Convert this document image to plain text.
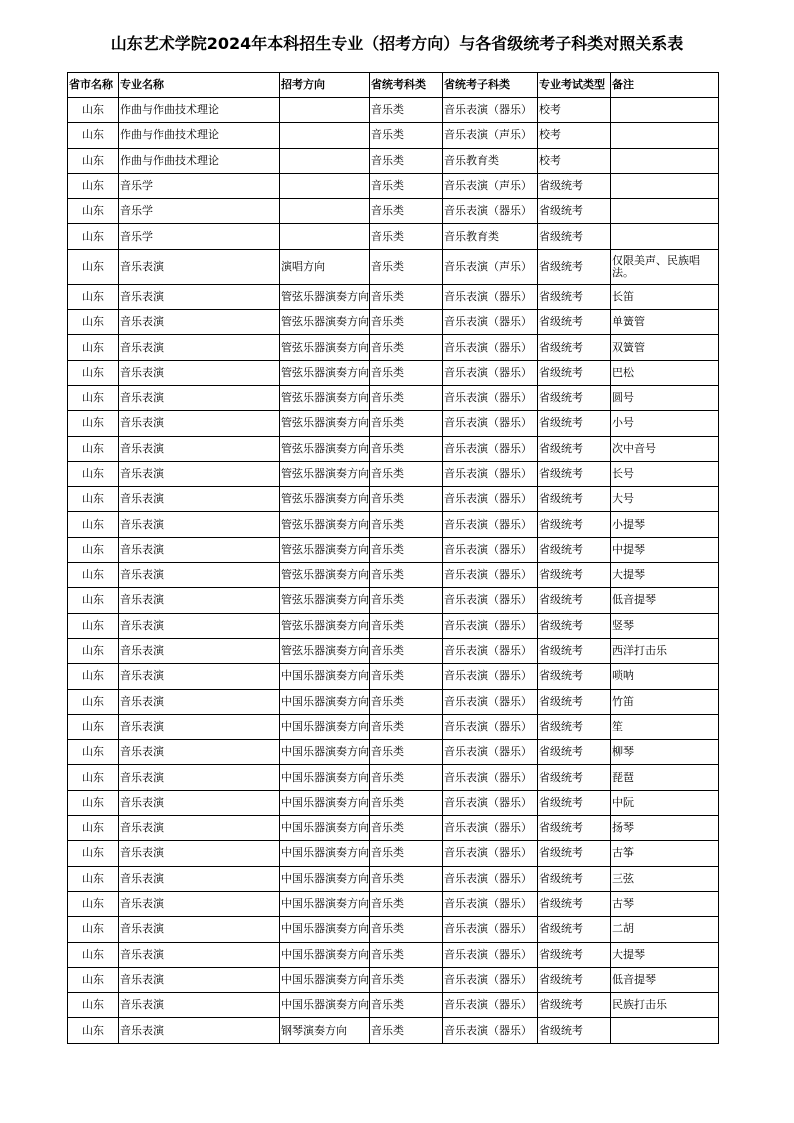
山东艺术学院2024年本科招生专业（招考方向）与各省级统考子科类对照关系表
省市名称	专业名称	招考方向	省统考科类	省统考子科类	专业考试类型	备注
山东	作曲与作曲技术理论		音乐类	音乐表演（器乐）	校考	
山东	作曲与作曲技术理论		音乐类	音乐表演（声乐）	校考	
山东	作曲与作曲技术理论		音乐类	音乐教育类	校考	
山东	音乐学		音乐类	音乐表演（声乐）	省级统考	
山东	音乐学		音乐类	音乐表演（器乐）	省级统考	
山东	音乐学		音乐类	音乐教育类	省级统考	
山东	音乐表演	演唱方向	音乐类	音乐表演（声乐）	省级统考	仅限美声、民族唱法。
山东	音乐表演	管弦乐器演奏方向	音乐类	音乐表演（器乐）	省级统考	长笛
山东	音乐表演	管弦乐器演奏方向	音乐类	音乐表演（器乐）	省级统考	单簧管
山东	音乐表演	管弦乐器演奏方向	音乐类	音乐表演（器乐）	省级统考	双簧管
山东	音乐表演	管弦乐器演奏方向	音乐类	音乐表演（器乐）	省级统考	巴松
山东	音乐表演	管弦乐器演奏方向	音乐类	音乐表演（器乐）	省级统考	圆号
山东	音乐表演	管弦乐器演奏方向	音乐类	音乐表演（器乐）	省级统考	小号
山东	音乐表演	管弦乐器演奏方向	音乐类	音乐表演（器乐）	省级统考	次中音号
山东	音乐表演	管弦乐器演奏方向	音乐类	音乐表演（器乐）	省级统考	长号
山东	音乐表演	管弦乐器演奏方向	音乐类	音乐表演（器乐）	省级统考	大号
山东	音乐表演	管弦乐器演奏方向	音乐类	音乐表演（器乐）	省级统考	小提琴
山东	音乐表演	管弦乐器演奏方向	音乐类	音乐表演（器乐）	省级统考	中提琴
山东	音乐表演	管弦乐器演奏方向	音乐类	音乐表演（器乐）	省级统考	大提琴
山东	音乐表演	管弦乐器演奏方向	音乐类	音乐表演（器乐）	省级统考	低音提琴
山东	音乐表演	管弦乐器演奏方向	音乐类	音乐表演（器乐）	省级统考	竖琴
山东	音乐表演	管弦乐器演奏方向	音乐类	音乐表演（器乐）	省级统考	西洋打击乐
山东	音乐表演	中国乐器演奏方向	音乐类	音乐表演（器乐）	省级统考	唢呐
山东	音乐表演	中国乐器演奏方向	音乐类	音乐表演（器乐）	省级统考	竹笛
山东	音乐表演	中国乐器演奏方向	音乐类	音乐表演（器乐）	省级统考	笙
山东	音乐表演	中国乐器演奏方向	音乐类	音乐表演（器乐）	省级统考	柳琴
山东	音乐表演	中国乐器演奏方向	音乐类	音乐表演（器乐）	省级统考	琵琶
山东	音乐表演	中国乐器演奏方向	音乐类	音乐表演（器乐）	省级统考	中阮
山东	音乐表演	中国乐器演奏方向	音乐类	音乐表演（器乐）	省级统考	扬琴
山东	音乐表演	中国乐器演奏方向	音乐类	音乐表演（器乐）	省级统考	古筝
山东	音乐表演	中国乐器演奏方向	音乐类	音乐表演（器乐）	省级统考	三弦
山东	音乐表演	中国乐器演奏方向	音乐类	音乐表演（器乐）	省级统考	古琴
山东	音乐表演	中国乐器演奏方向	音乐类	音乐表演（器乐）	省级统考	二胡
山东	音乐表演	中国乐器演奏方向	音乐类	音乐表演（器乐）	省级统考	大提琴
山东	音乐表演	中国乐器演奏方向	音乐类	音乐表演（器乐）	省级统考	低音提琴
山东	音乐表演	中国乐器演奏方向	音乐类	音乐表演（器乐）	省级统考	民族打击乐
山东	音乐表演	钢琴演奏方向	音乐类	音乐表演（器乐）	省级统考	
